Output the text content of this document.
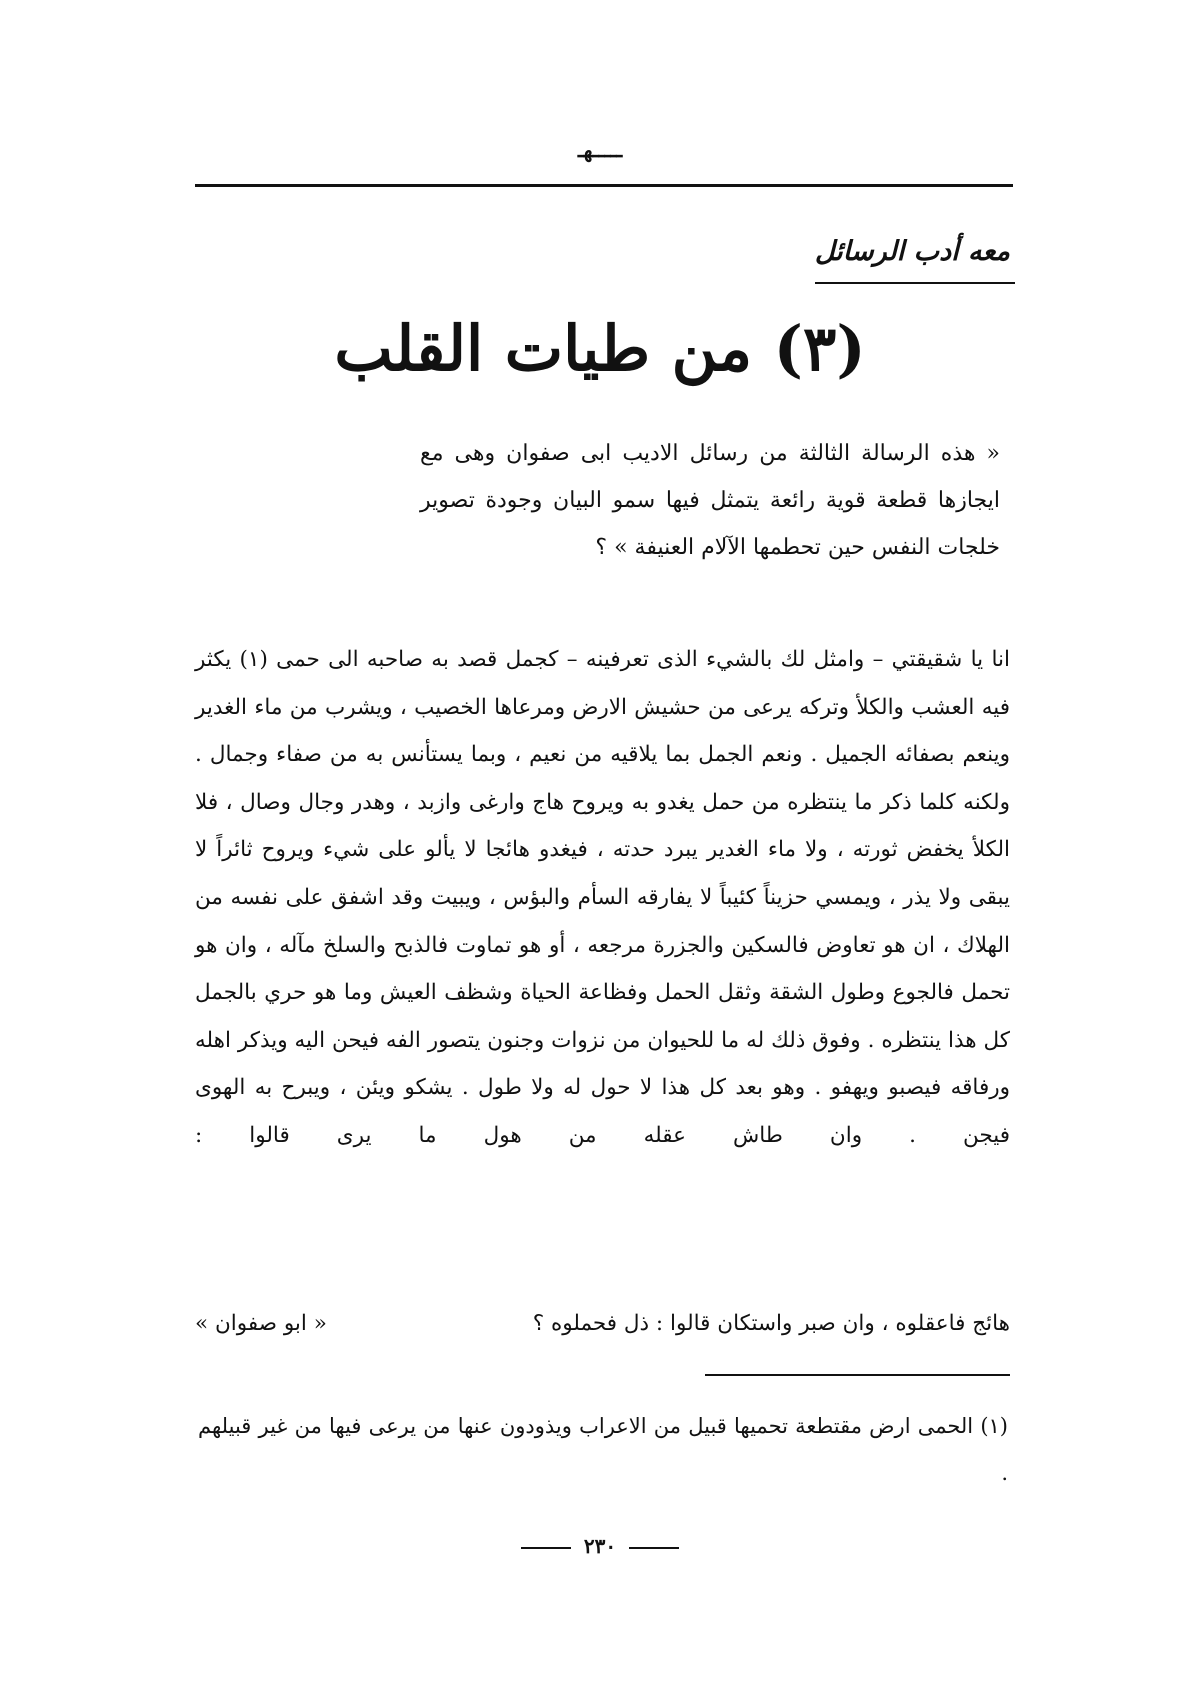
ـــــهـ
معه أدب الرسائل
(٣) من طيات القلب
« هذه الرسالة الثالثة من رسائل الاديب ابى صفوان وهى مع ايجازها قطعة قوية رائعة يتمثل فيها سمو البيان وجودة تصوير خلجات النفس حين تحطمها الآلام العنيفة » ؟
انا يا شقيقتي – وامثل لك بالشيء الذى تعرفينه – كجمل قصد به صاحبه الى حمى (١) يكثر فيه العشب والكلأ وتركه يرعى من حشيش الارض ومرعاها الخصيب ، ويشرب من ماء الغدير وينعم بصفائه الجميل . ونعم الجمل بما يلاقيه من نعيم ، وبما يستأنس به من صفاء وجمال . ولكنه كلما ذكر ما ينتظره من حمل يغدو به ويروح هاج وارغى وازبد ، وهدر وجال وصال ، فلا الكلأ يخفض ثورته ، ولا ماء الغدير يبرد حدته ، فيغدو هائجا لا يألو على شيء ويروح ثائراً لا يبقى ولا يذر ، ويمسي حزيناً كئيباً لا يفارقه السأم والبؤس ، ويبيت وقد اشفق على نفسه من الهلاك ، ان هو تعاوض فالسكين والجزرة مرجعه ، أو هو تماوت فالذبح والسلخ مآله ، وان هو تحمل فالجوع وطول الشقة وثقل الحمل وفظاعة الحياة وشظف العيش وما هو حري بالجمل كل هذا ينتظره . وفوق ذلك له ما للحيوان من نزوات وجنون يتصور الفه فيحن اليه ويذكر اهله ورفاقه فيصبو ويهفو . وهو بعد كل هذا لا حول له ولا طول . يشكو ويئن ، ويبرح به الهوى فيجن . وان طاش عقله من هول ما يرى قالوا :
هائج فاعقلوه ، وان صبر واستكان قالوا : ذل فحملوه ؟
« ابو صفوان »
(١) الحمى ارض مقتطعة تحميها قبيل من الاعراب ويذودون عنها من يرعى فيها من غير قبيلهم .
٢٣٠
